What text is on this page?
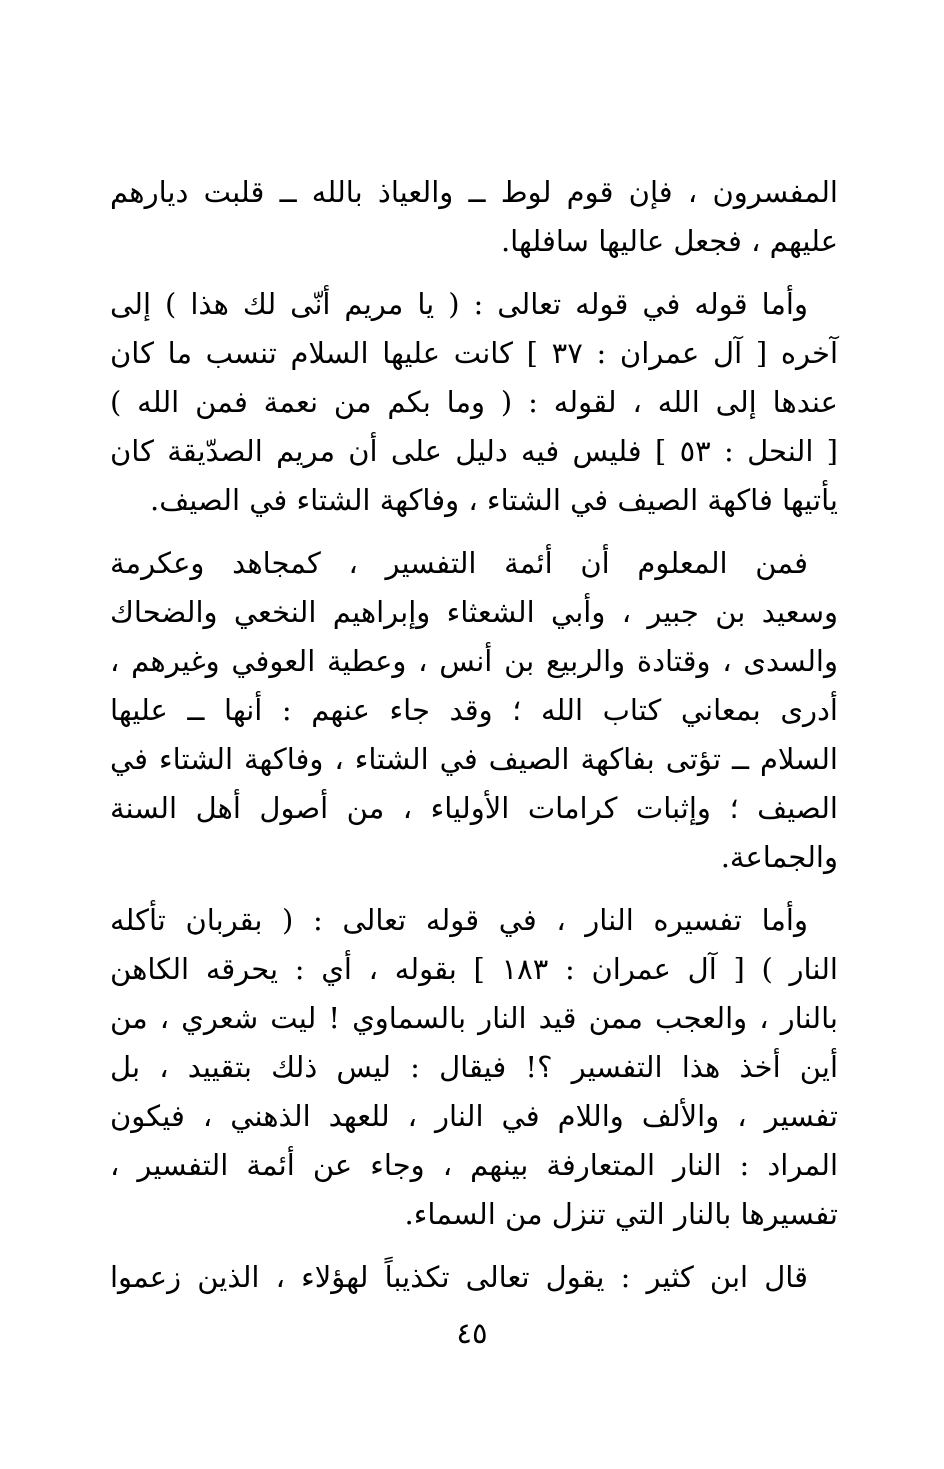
المفسرون ، فإن قوم لوط ــ والعياذ بالله ــ قلبت ديارهم
عليهم ، فجعل عاليها سافلها.
وأما قوله في قوله تعالى : ( يا مريم أنّى لك هذا ) إلى
آخره [ آل عمران : ٣٧ ] كانت عليها السلام تنسب ما كان
عندها إلى الله ، لقوله : ( وما بكم من نعمة فمن الله )
[ النحل : ٥٣ ] فليس فيه دليل على أن مريم الصدّيقة كان
يأتيها فاكهة الصيف في الشتاء ، وفاكهة الشتاء في الصيف.
فمن المعلوم أن أئمة التفسير ، كمجاهد وعكرمة
وسعيد بن جبير ، وأبي الشعثاء وإبراهيم النخعي والضحاك
والسدى ، وقتادة والربيع بن أنس ، وعطية العوفي وغيرهم ،
أدرى بمعاني كتاب الله ؛ وقد جاء عنهم : أنها ــ عليها
السلام ــ تؤتى بفاكهة الصيف في الشتاء ، وفاكهة الشتاء في
الصيف ؛ وإثبات كرامات الأولياء ، من أصول أهل السنة
والجماعة.
وأما تفسيره النار ، في قوله تعالى : ( بقربان تأكله
النار ) [ آل عمران : ١٨٣ ] بقوله ، أي : يحرقه الكاهن
بالنار ، والعجب ممن قيد النار بالسماوي ! ليت شعري ، من
أين أخذ هذا التفسير ؟! فيقال : ليس ذلك بتقييد ، بل
تفسير ، والألف واللام في النار ، للعهد الذهني ، فيكون
المراد : النار المتعارفة بينهم ، وجاء عن أئمة التفسير ،
تفسيرها بالنار التي تنزل من السماء.
قال ابن كثير : يقول تعالى تكذيباً لهؤلاء ، الذين زعموا
٤٥
